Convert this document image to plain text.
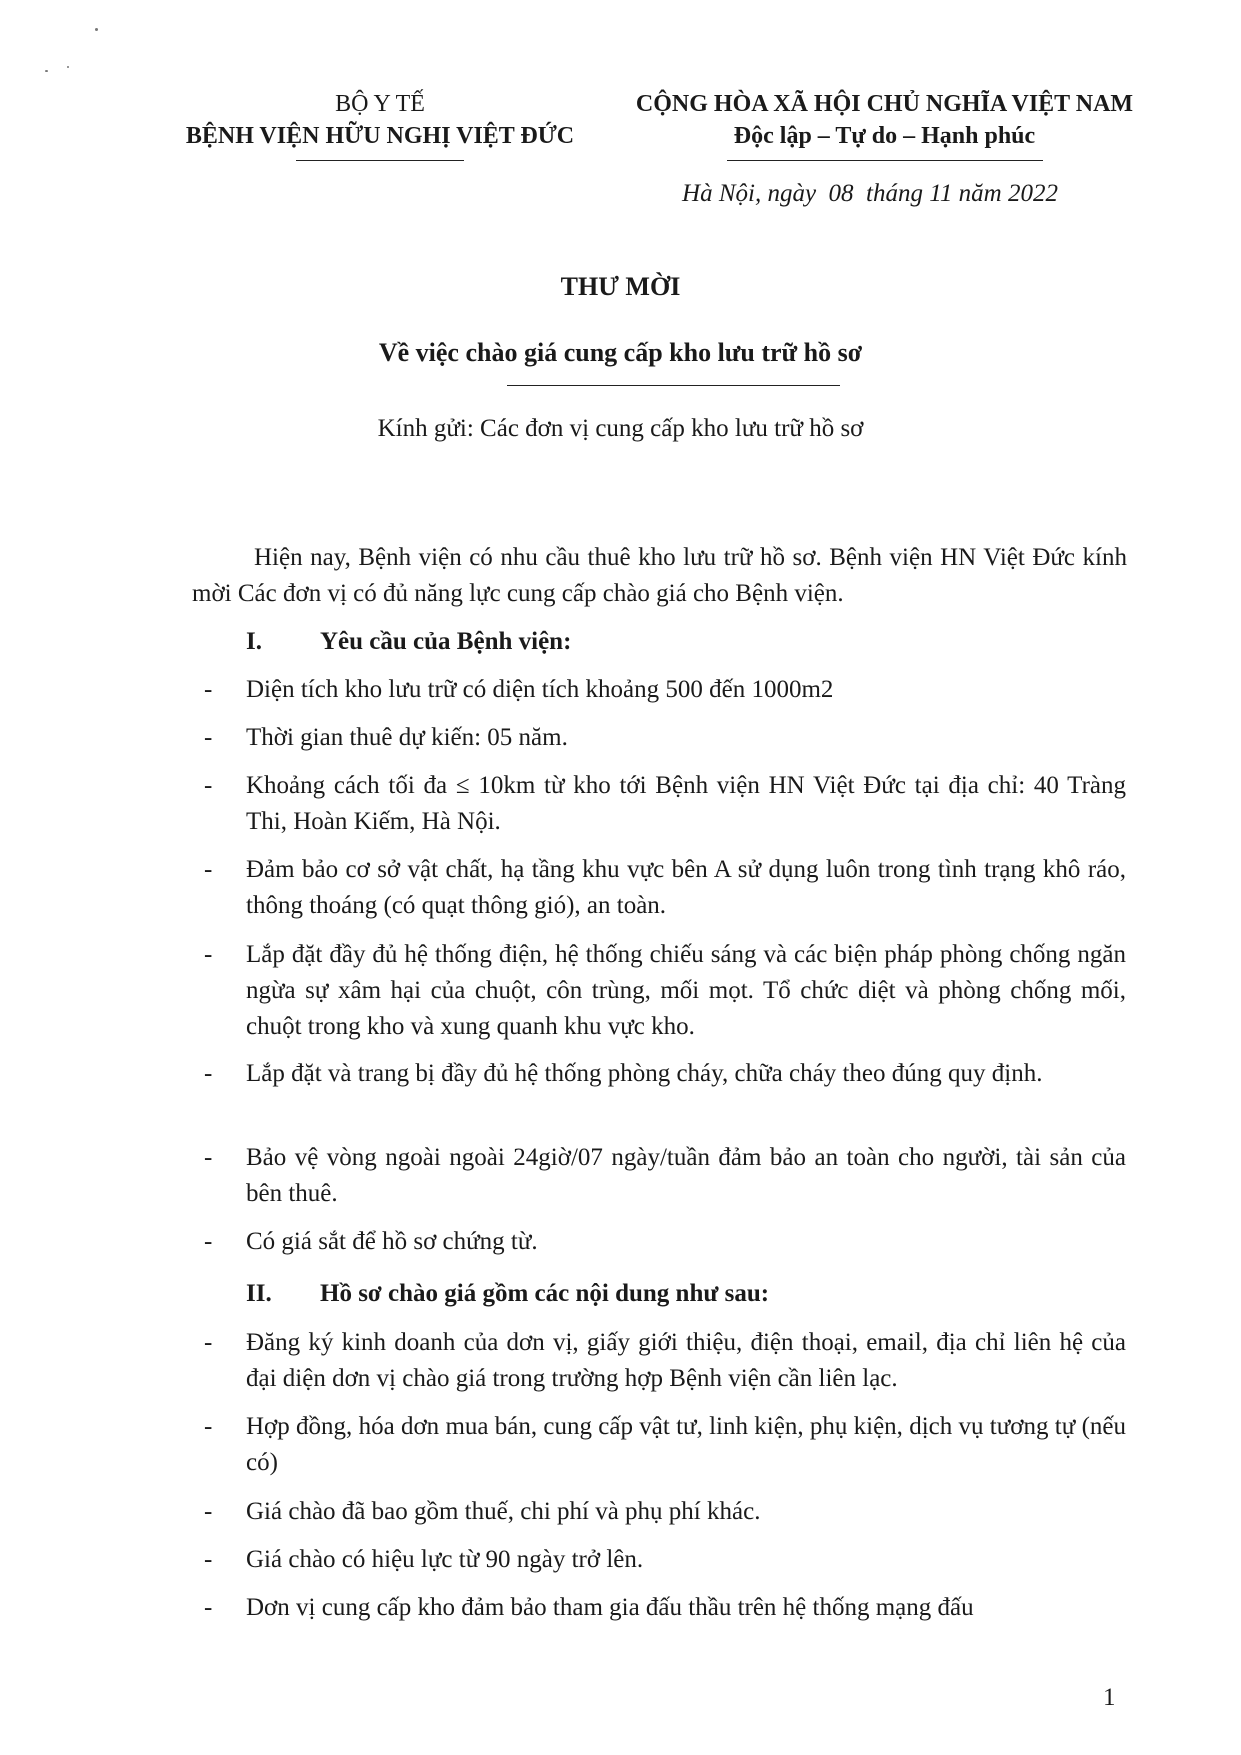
BỘ Y TẾ
BỆNH VIỆN HỮU NGHỊ VIỆT ĐỨC
CỘNG HÒA XÃ HỘI CHỦ NGHĨA VIỆT NAM
Độc lập – Tự do – Hạnh phúc
Hà Nội, ngày  08  tháng 11 năm 2022
THƯ MỜI
Về việc chào giá cung cấp kho lưu trữ hồ sơ
Kính gửi: Các đơn vị cung cấp kho lưu trữ hồ sơ
Hiện nay, Bệnh viện có nhu cầu thuê kho lưu trữ hồ sơ. Bệnh viện HN Việt Đức kính mời Các đơn vị có đủ năng lực cung cấp chào giá cho Bệnh viện.
I. Yêu cầu của Bệnh viện:
- Diện tích kho lưu trữ có diện tích khoảng 500 đến 1000m2
- Thời gian thuê dự kiến: 05 năm.
- Khoảng cách tối đa ≤ 10km từ kho tới Bệnh viện HN Việt Đức tại địa chỉ: 40 Tràng Thi, Hoàn Kiếm, Hà Nội.
- Đảm bảo cơ sở vật chất, hạ tầng khu vực bên A sử dụng luôn trong tình trạng khô ráo, thông thoáng (có quạt thông gió), an toàn.
- Lắp đặt đầy đủ hệ thống điện, hệ thống chiếu sáng và các biện pháp phòng chống ngăn ngừa sự xâm hại của chuột, côn trùng, mối mọt. Tổ chức diệt và phòng chống mối, chuột trong kho và xung quanh khu vực kho.
- Lắp đặt và trang bị đầy đủ hệ thống phòng cháy, chữa cháy theo đúng quy định.
- Bảo vệ vòng ngoài ngoài 24giờ/07 ngày/tuần đảm bảo an toàn cho người, tài sản của bên thuê.
- Có giá sắt để hồ sơ chứng từ.
II. Hồ sơ chào giá gồm các nội dung như sau:
- Đăng ký kinh doanh của dơn vị, giấy giới thiệu, điện thoại, email, địa chỉ liên hệ của đại diện dơn vị chào giá trong trường hợp Bệnh viện cần liên lạc.
- Hợp đồng, hóa dơn mua bán, cung cấp vật tư, linh kiện, phụ kiện, dịch vụ tương tự (nếu có)
- Giá chào đã bao gồm thuế, chi phí và phụ phí khác.
- Giá chào có hiệu lực từ 90 ngày trở lên.
- Dơn vị cung cấp kho đảm bảo tham gia đấu thầu trên hệ thống mạng đấu
1
